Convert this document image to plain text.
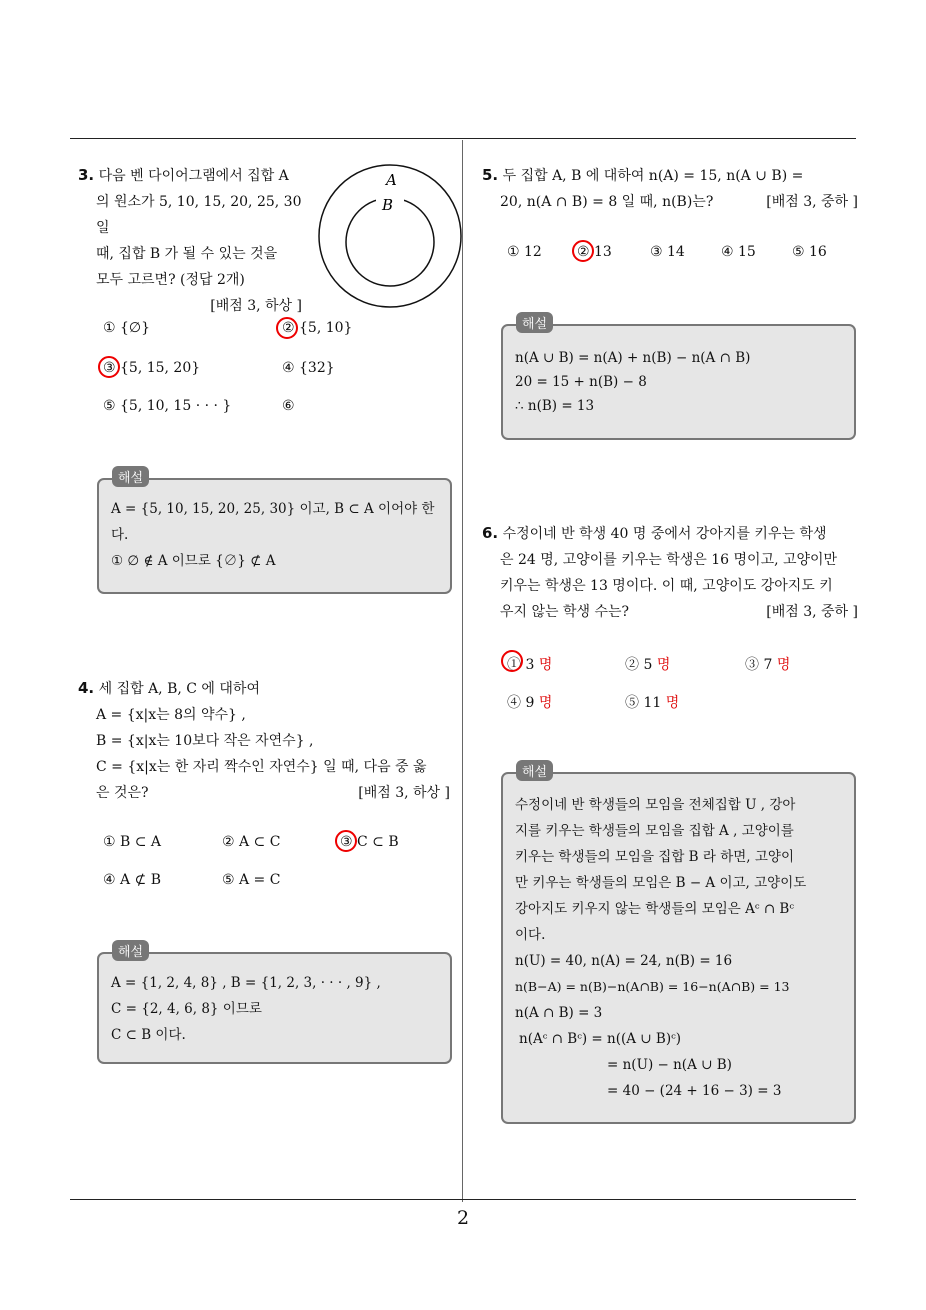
2
3. 다음 벤 다이어그램에서 집합 A
의 원소가 5, 10, 15, 20, 25, 30 일
때, 집합 B 가 될 수 있는 것을
모두 고르면? (정답 2개)
[배점 3, 하상 ]
A
B
① {∅}	② {5, 10}
③ {5, 15, 20}	④ {32}
⑤ {5, 10, 15 · · · }	⑥
A = {5, 10, 15, 20, 25, 30} 이고, B ⊂ A 이어야 한
다.
① ∅ ∉ A 이므로 {∅} ⊄ A
해설
4. 세 집합 A, B, C 에 대하여
A = {x|x는 8의 약수} ,
B = {x|x는 10보다 작은 자연수} ,
C = {x|x는 한 자리 짝수인 자연수} 일 때, 다음 중 옳
은 것은?	[배점 3, 하상 ]
① B ⊂ A	② A ⊂ C	③ C ⊂ B
④ A ⊄ B	⑤ A = C
A = {1, 2, 4, 8} , B = {1, 2, 3, · · · , 9} ,
C = {2, 4, 6, 8} 이므로
C ⊂ B 이다.
해설
5. 두 집합 A, B 에 대하여 n(A) = 15, n(A ∪ B) =
20, n(A ∩ B) = 8 일 때, n(B)는?	[배점 3, 중하 ]
① 12	② 13	③ 14	④ 15	⑤ 16
n(A ∪ B) = n(A) + n(B) − n(A ∩ B)
20 = 15 + n(B) − 8
∴ n(B) = 13
해설
6. 수정이네 반 학생 40 명 중에서 강아지를 키우는 학생
은 24 명, 고양이를 키우는 학생은 16 명이고, 고양이만
키우는 학생은 13 명이다. 이 때, 고양이도 강아지도 키
우지 않는 학생 수는?	[배점 3, 중하 ]
① 3 명	② 5 명	③ 7 명
④ 9 명	⑤ 11 명
수정이네 반 학생들의 모임을 전체집합 U , 강아
지를 키우는 학생들의 모임을 집합 A , 고양이를
키우는 학생들의 모임을 집합 B 라 하면, 고양이
만 키우는 학생들의 모임은 B − A 이고, 고양이도
강아지도 키우지 않는 학생들의 모임은 Aᶜ ∩ Bᶜ
이다.
n(U) = 40, n(A) = 24, n(B) = 16
n(B−A) = n(B)−n(A∩B) = 16−n(A∩B) = 13
n(A ∩ B) = 3
n(Aᶜ ∩ Bᶜ) = n((A ∪ B)ᶜ)
= n(U) − n(A ∪ B)
= 40 − (24 + 16 − 3) = 3
해설
